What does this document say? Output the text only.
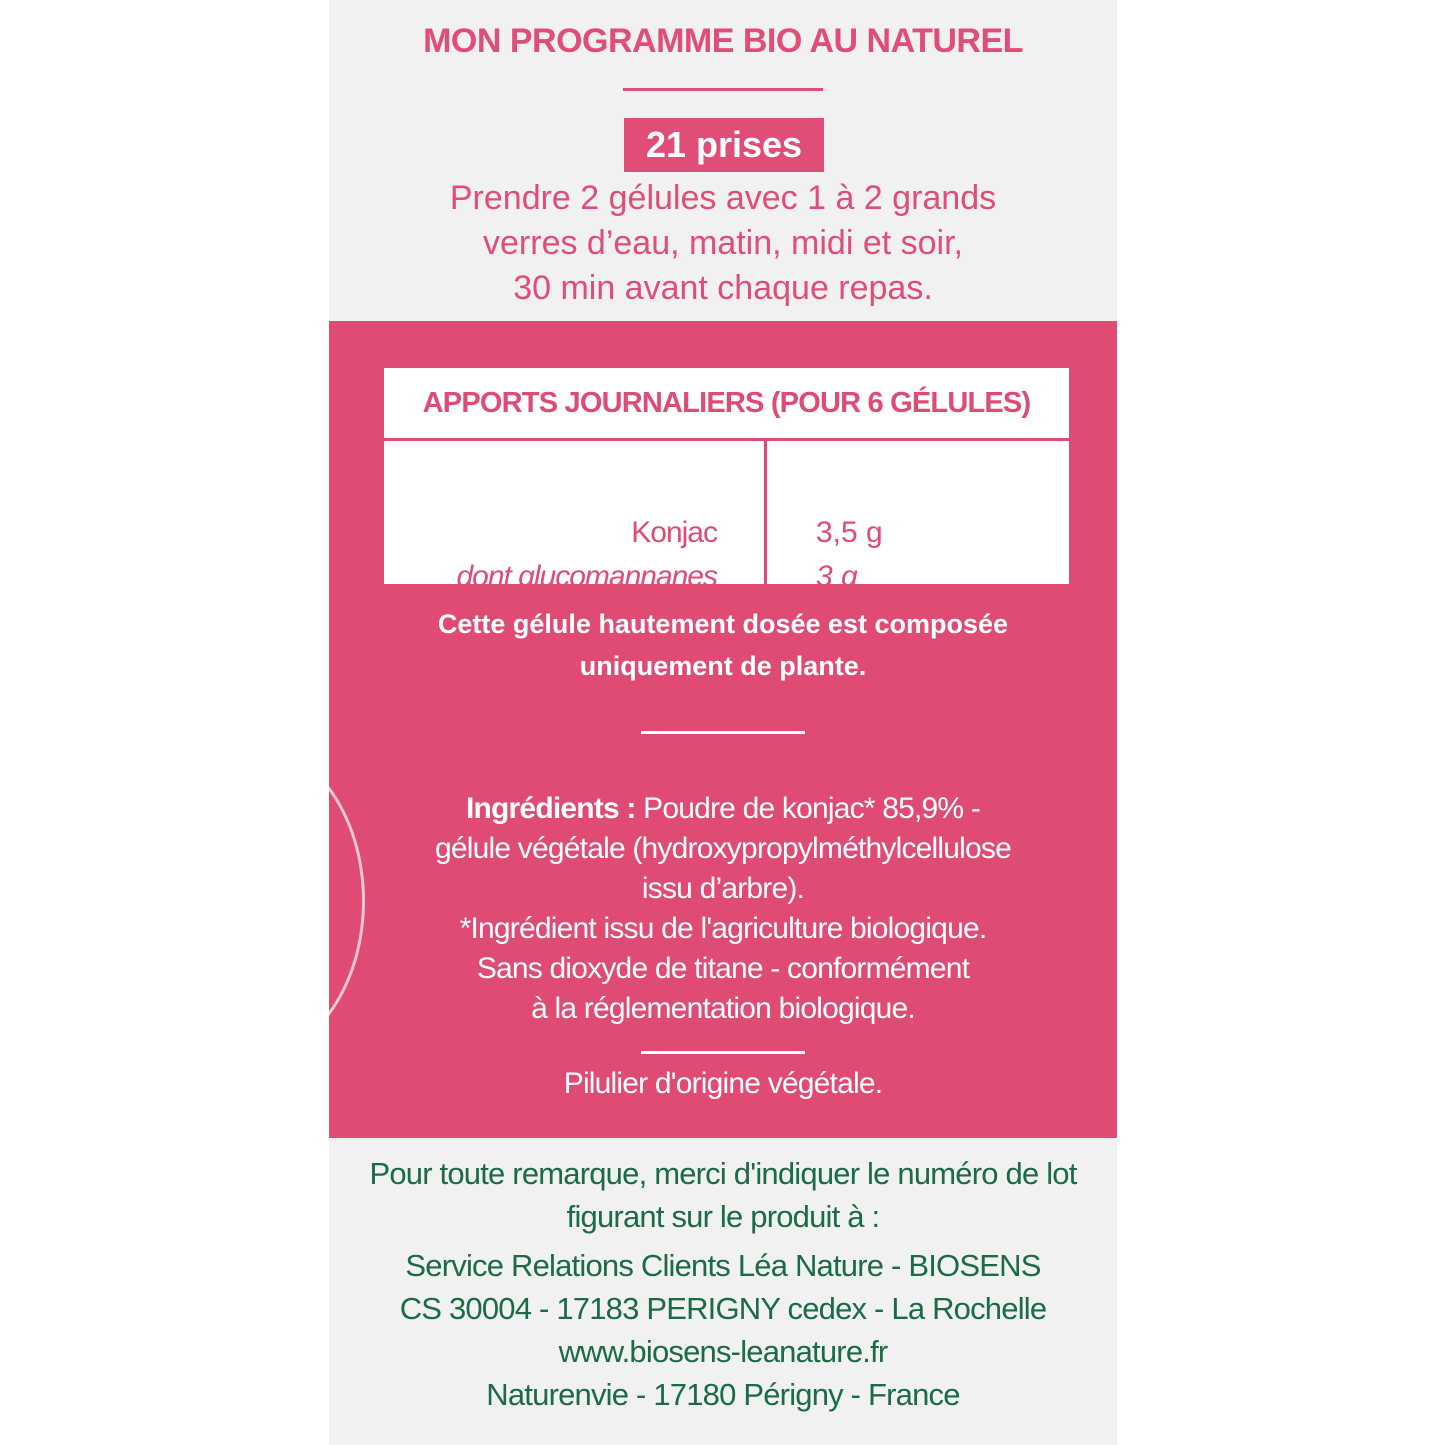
MON PROGRAMME BIO AU NATUREL
21 prises
Prendre 2 gélules avec 1 à 2 grands
verres d’eau, matin, midi et soir,
30 min avant chaque repas.
APPORTS JOURNALIERS (POUR 6 GÉLULES)
Konjac	3,5 g
dont glucomannanes	3 g
Cette gélule hautement dosée est composée
uniquement de plante.
Ingrédients : Poudre de konjac* 85,9% -
gélule végétale (hydroxypropylméthylcellulose
issu d’arbre).
*Ingrédient issu de l'agriculture biologique.
Sans dioxyde de titane - conformément
à la réglementation biologique.
Pilulier d'origine végétale.
Pour toute remarque, merci d'indiquer le numéro de lot
figurant sur le produit à :
Service Relations Clients Léa Nature - BIOSENS
CS 30004 - 17183 PERIGNY cedex - La Rochelle
www.biosens-leanature.fr
Naturenvie - 17180 Périgny - France
